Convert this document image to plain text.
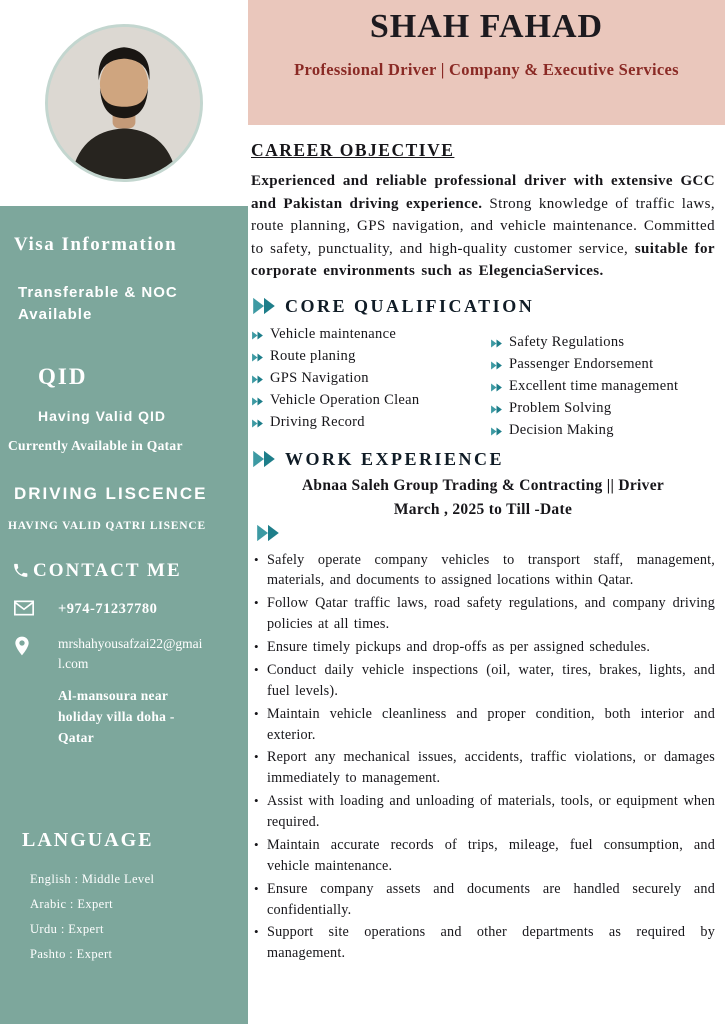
Visa Information
Transferable & NOC Available
QID
Having Valid QID
Currently Available in Qatar
DRIVING LISCENCE
HAVING VALID QATRI LISENCE
CONTACT ME
+974-71237780
mrshahyousafzai22@gmail.com
Al-mansoura near holiday villa doha -Qatar
LANGUAGE
English : Middle Level
Arabic : Expert
Urdu : Expert
Pashto : Expert
SHAH FAHAD
Professional Driver | Company & Executive Services
CAREER OBJECTIVE

Experienced and reliable professional driver with extensive GCC and Pakistan driving experience. Strong knowledge of traffic laws, route planning, GPS navigation, and vehicle maintenance. Committed to safety, punctuality, and high-quality customer service, suitable for corporate environments such as ElegenciaServices.

CORE QUALIFICATION
Vehicle maintenance
Route planing
GPS Navigation
Vehicle Operation Clean
Driving Record
Safety Regulations
Passenger Endorsement
Excellent time management
Problem Solving
Decision Making
WORK EXPERIENCE
Abnaa Saleh Group Trading & Contracting || Driver
March , 2025 to Till -Date
• Safely operate company vehicles to transport staff, management, materials, and documents to assigned locations within Qatar.
• Follow Qatar traffic laws, road safety regulations, and company driving policies at all times.
• Ensure timely pickups and drop-offs as per assigned schedules.
• Conduct daily vehicle inspections (oil, water, tires, brakes, lights, and fuel levels).
• Maintain vehicle cleanliness and proper condition, both interior and exterior.
• Report any mechanical issues, accidents, traffic violations, or damages immediately to management.
• Assist with loading and unloading of materials, tools, or equipment when required.
• Maintain accurate records of trips, mileage, fuel consumption, and vehicle maintenance.
• Ensure company assets and documents are handled securely and confidentially.
• Support site operations and other departments as required by management.
